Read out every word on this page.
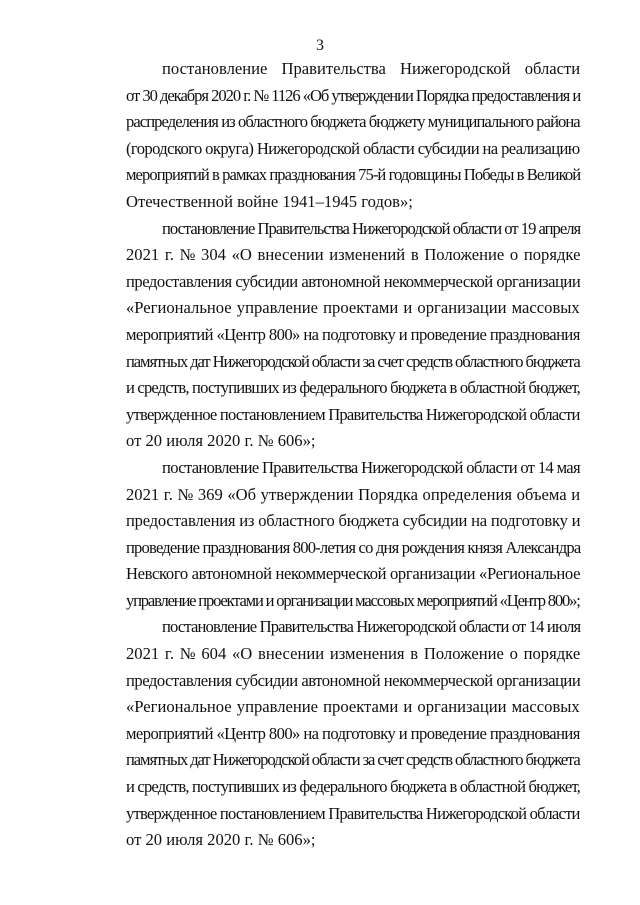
3
постановление Правительства Нижегородской области
от 30 декабря 2020 г. № 1126 «Об утверждении Порядка предоставления и
распределения из областного бюджета бюджету муниципального района
(городского округа) Нижегородской области субсидии на реализацию
мероприятий в рамках празднования 75-й годовщины Победы в Великой
Отечественной войне 1941–1945 годов»;
постановление Правительства Нижегородской области от 19 апреля
2021 г. № 304 «О внесении изменений в Положение о порядке
предоставления субсидии автономной некоммерческой организации
«Региональное управление проектами и организации массовых
мероприятий «Центр 800» на подготовку и проведение празднования
памятных дат Нижегородской области за счет средств областного бюджета
и средств, поступивших из федерального бюджета в областной бюджет,
утвержденное постановлением Правительства Нижегородской области
от 20 июля 2020 г. № 606»;
постановление Правительства Нижегородской области от 14 мая
2021 г. № 369 «Об утверждении Порядка определения объема и
предоставления из областного бюджета субсидии на подготовку и
проведение празднования 800-летия со дня рождения князя Александра
Невского автономной некоммерческой организации «Региональное
управление проектами и организации массовых мероприятий «Центр 800»;
постановление Правительства Нижегородской области от 14 июля
2021 г. № 604 «О внесении изменения в Положение о порядке
предоставления субсидии автономной некоммерческой организации
«Региональное управление проектами и организации массовых
мероприятий «Центр 800» на подготовку и проведение празднования
памятных дат Нижегородской области за счет средств областного бюджета
и средств, поступивших из федерального бюджета в областной бюджет,
утвержденное постановлением Правительства Нижегородской области
от 20 июля 2020 г. № 606»;
